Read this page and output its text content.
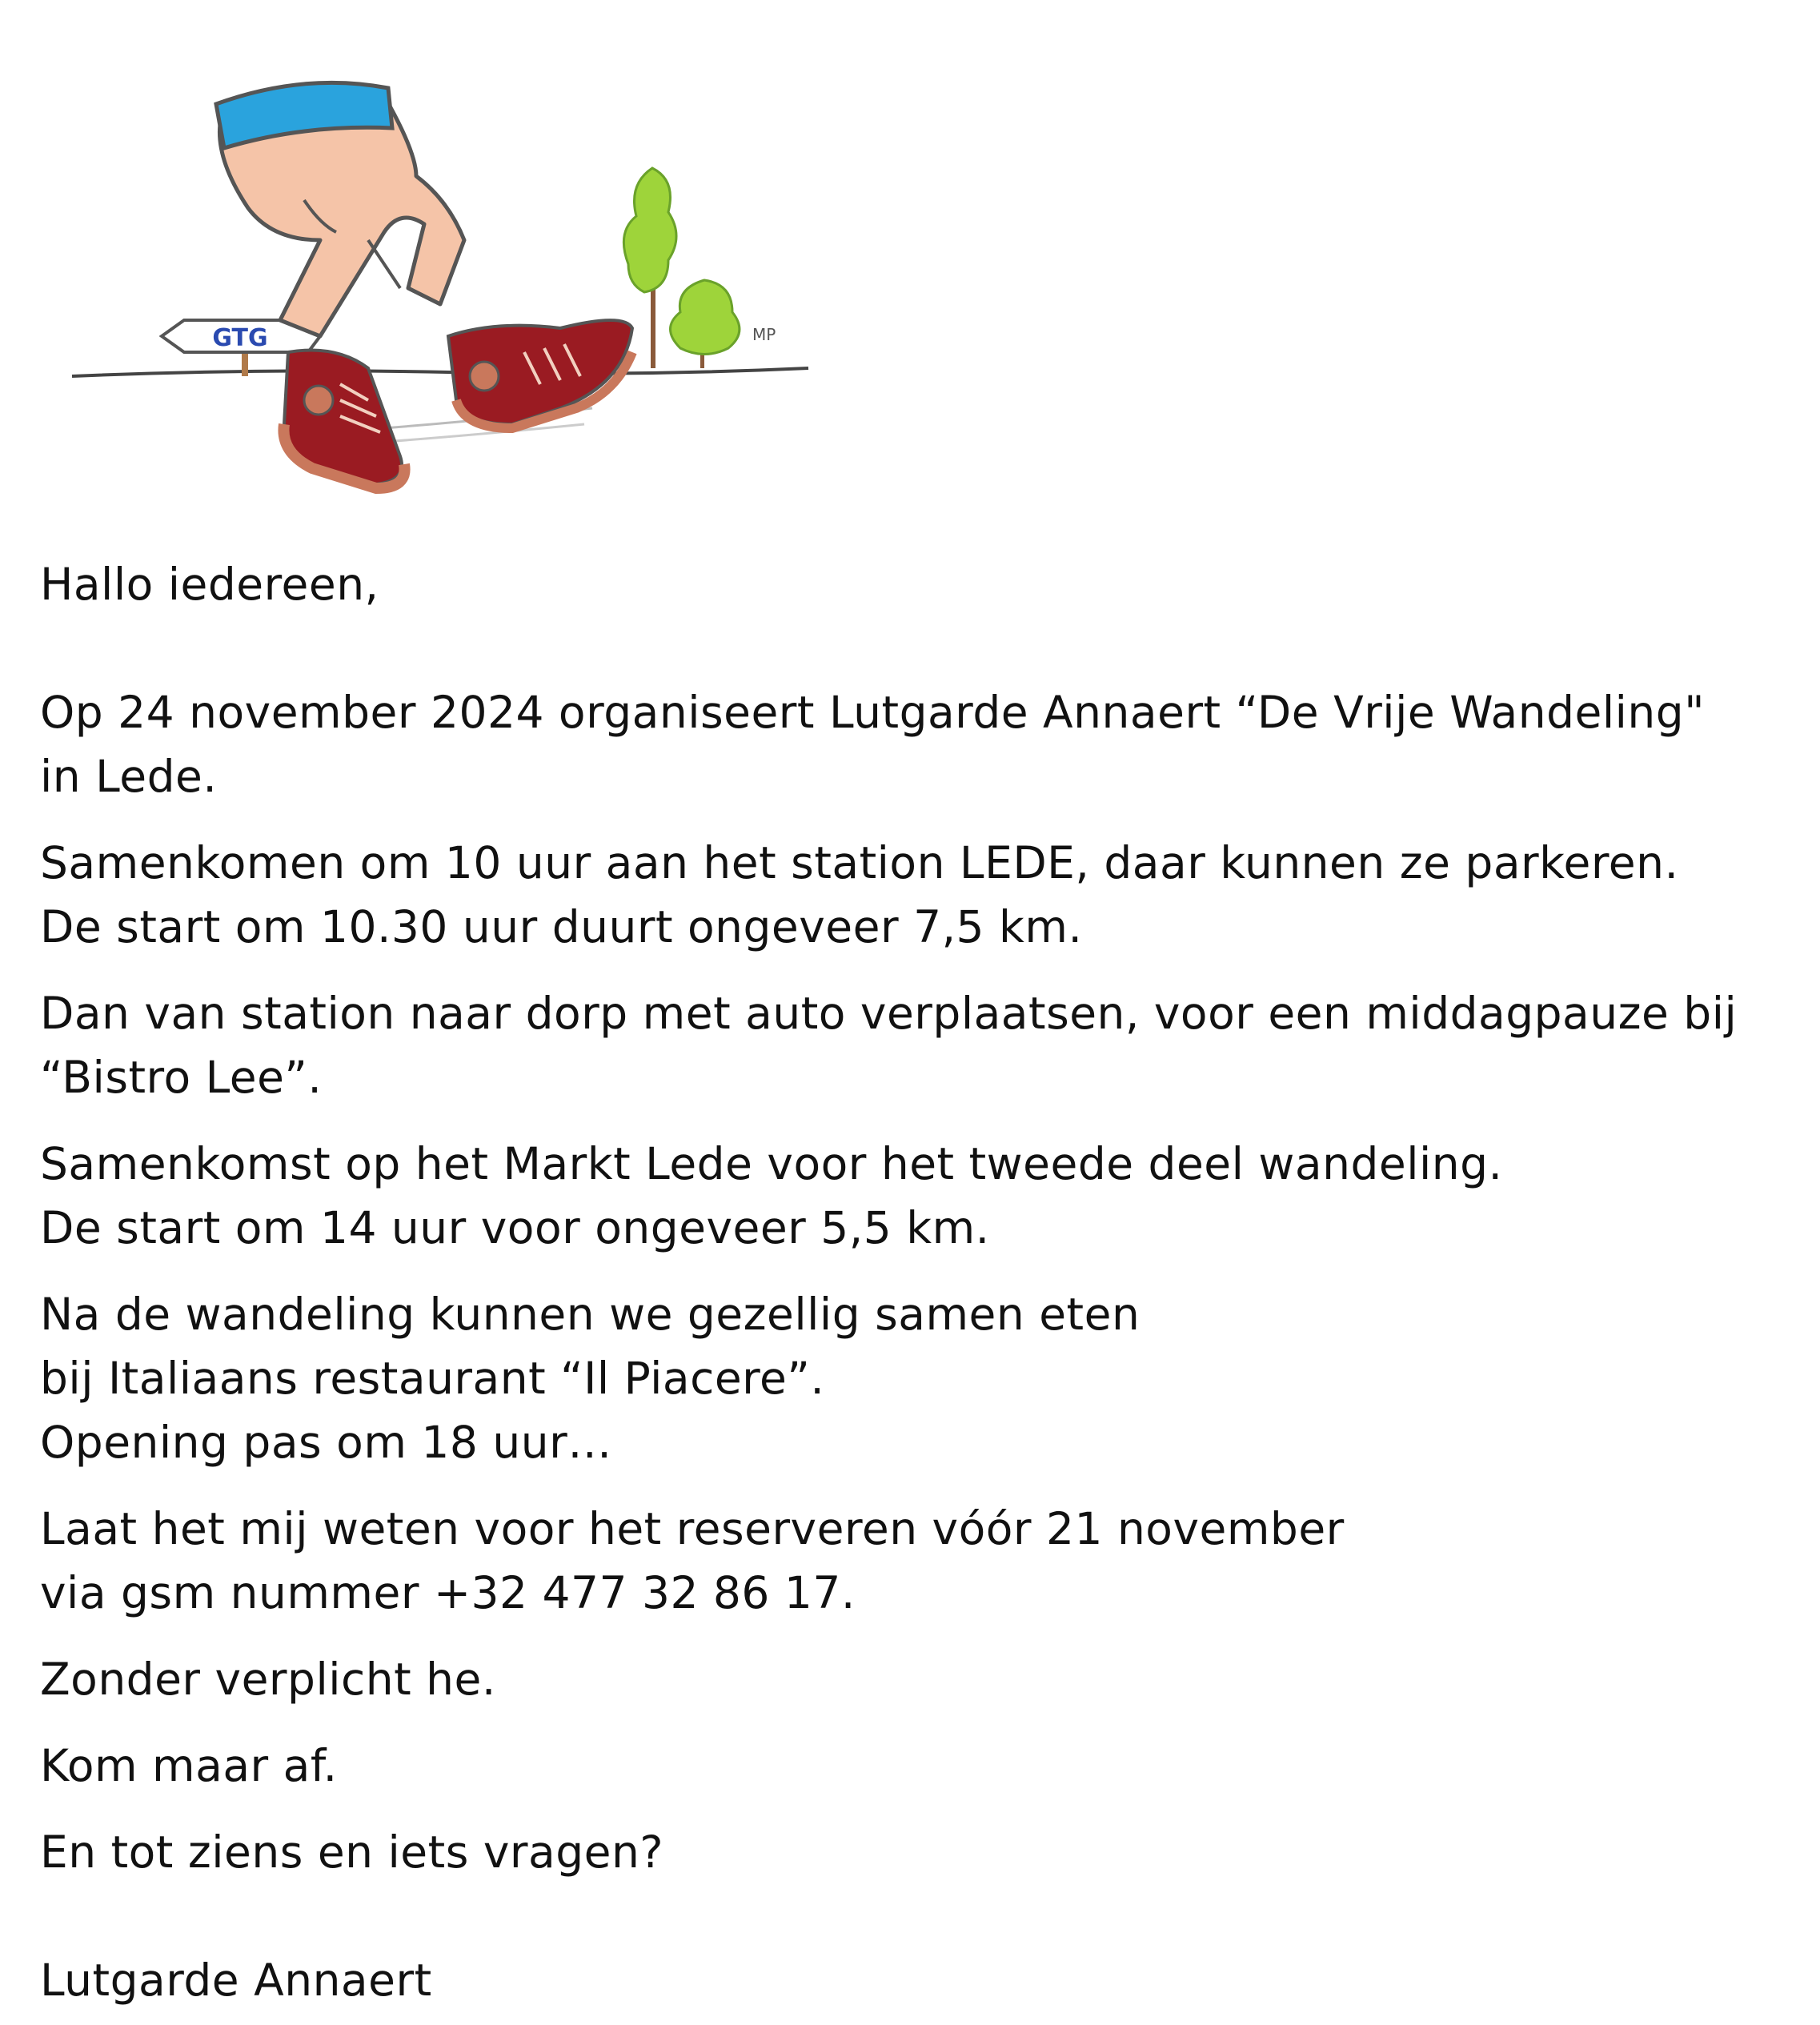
GTG	MP
Hallo iedereen,
Op 24 november 2024 organiseert Lutgarde Annaert “De Vrije Wandeling"
in Lede.
Samenkomen om 10 uur aan het station LEDE, daar kunnen ze parkeren.
De start om 10.30 uur duurt ongeveer 7,5 km.
Dan van station naar dorp met auto verplaatsen, voor een middagpauze bij
“Bistro Lee”.
Samenkomst op het Markt Lede voor het tweede deel wandeling.
De start om 14 uur voor ongeveer 5,5 km.
Na de wandeling kunnen we gezellig samen eten
bij Italiaans restaurant “Il Piacere”.
Opening pas om 18 uur…
Laat het mij weten voor het reserveren vóór 21 november
via gsm nummer +32 477 32 86 17.
Zonder verplicht he.
Kom maar af.
En tot ziens en iets vragen?
Lutgarde Annaert
